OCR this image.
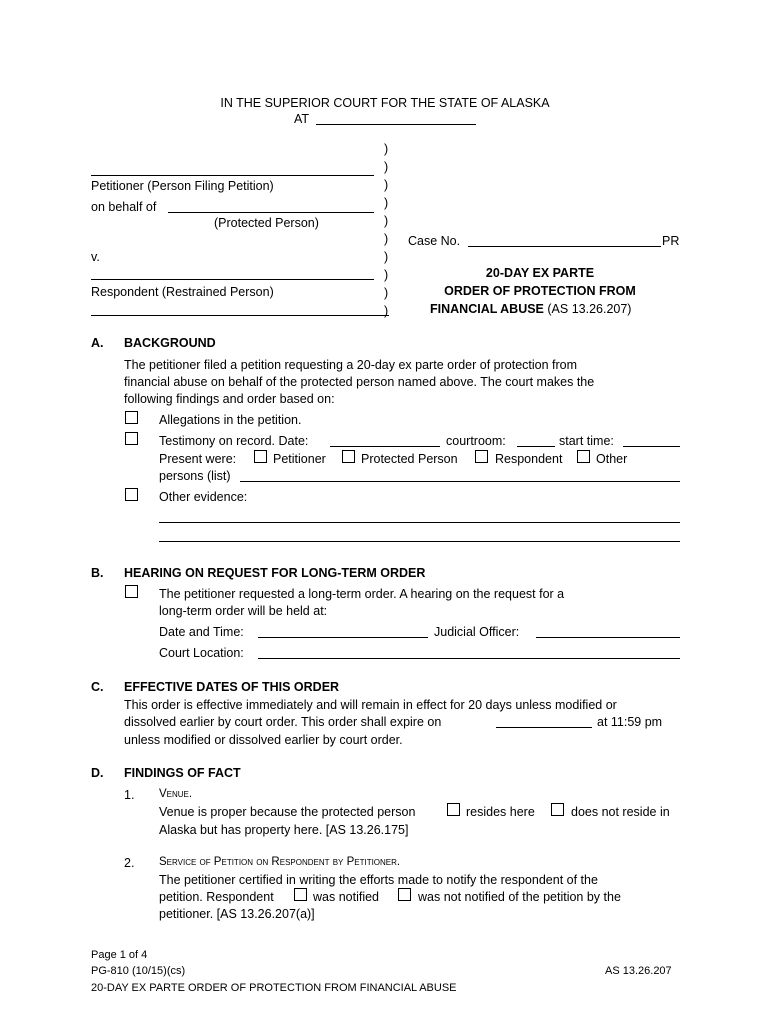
IN THE SUPERIOR COURT FOR THE STATE OF ALASKA
AT
Petitioner (Person Filing Petition)
on behalf of
(Protected Person)
v.
Respondent (Restrained Person)
)
)
)
)
)
)
)
)
)
)
Case No.	PR
20-DAY EX PARTE
ORDER OF PROTECTION FROM
FINANCIAL ABUSE (AS 13.26.207)
A. BACKGROUND
The petitioner filed a petition requesting a 20-day ex parte order of protection from
financial abuse on behalf of the protected person named above. The court makes the
following findings and order based on:
Allegations in the petition.
Testimony on record. Date:	courtroom:	start time:
Present were:	Petitioner	Protected Person	Respondent	Other
persons (list)
Other evidence:
B. HEARING ON REQUEST FOR LONG-TERM ORDER
The petitioner requested a long-term order. A hearing on the request for a
long-term order will be held at:
Date and Time:	Judicial Officer:
Court Location:
C. EFFECTIVE DATES OF THIS ORDER
This order is effective immediately and will remain in effect for 20 days unless modified or
dissolved earlier by court order. This order shall expire on	at 11:59 pm
unless modified or dissolved earlier by court order.
D. FINDINGS OF FACT
1. Venue.
Venue is proper because the protected person	resides here	does not reside in
Alaska but has property here. [AS 13.26.175]
2. Service of Petition on Respondent by Petitioner.
The petitioner certified in writing the efforts made to notify the respondent of the
petition. Respondent	was notified	was not notified of the petition by the
petitioner. [AS 13.26.207(a)]
Page 1 of 4
PG-810 (10/15)(cs)	AS 13.26.207
20-DAY EX PARTE ORDER OF PROTECTION FROM FINANCIAL ABUSE
